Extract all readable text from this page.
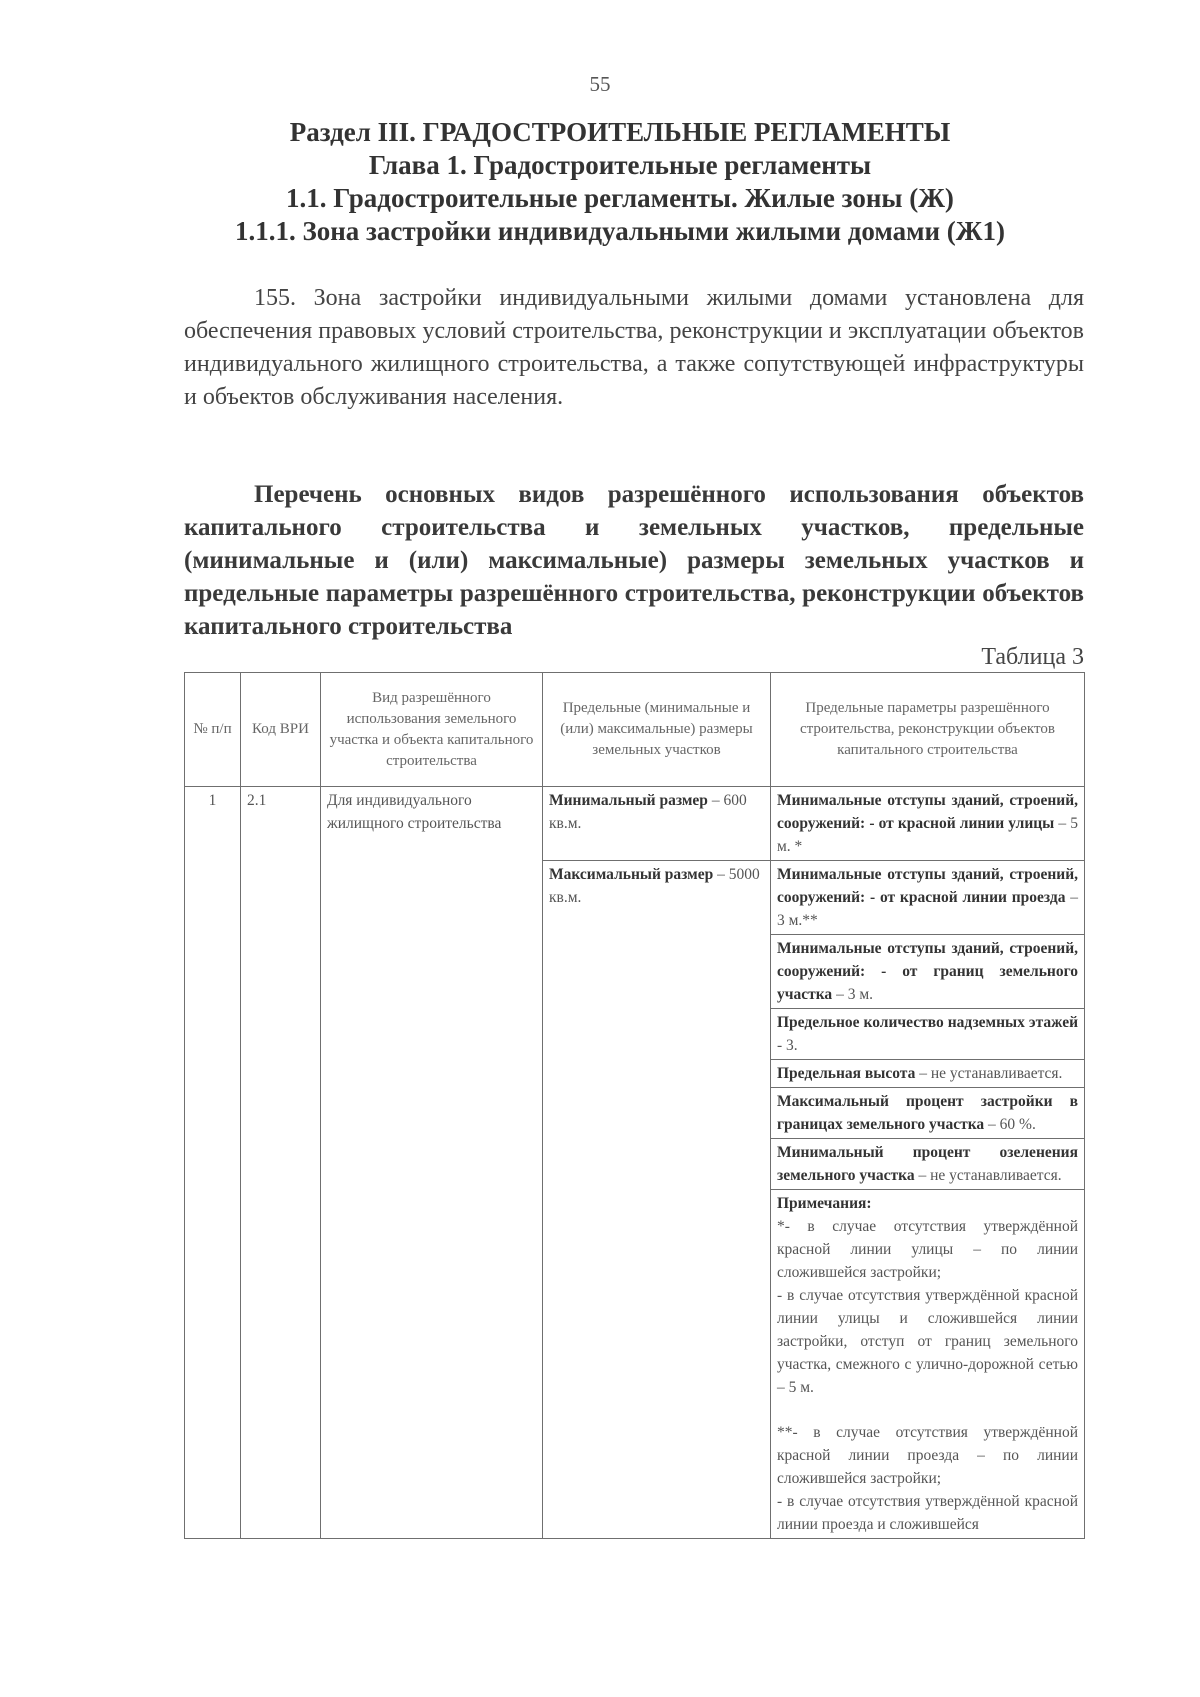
55
Раздел III. ГРАДОСТРОИТЕЛЬНЫЕ РЕГЛАМЕНТЫ
Глава 1. Градостроительные регламенты
1.1. Градостроительные регламенты. Жилые зоны (Ж)
1.1.1. Зона застройки индивидуальными жилыми домами (Ж1)
155. Зона застройки индивидуальными жилыми домами установлена для обеспечения правовых условий строительства, реконструкции и эксплуатации объектов индивидуального жилищного строительства, а также сопутствующей инфраструктуры и объектов обслуживания населения.
Перечень основных видов разрешённого использования объектов капитального строительства и земельных участков, предельные (минимальные и (или) максимальные) размеры земельных участков и предельные параметры разрешённого строительства, реконструкции объектов капитального строительства
Таблица 3
№ п/п	Код ВРИ	Вид разрешённого использования земельного участка и объекта капитального строительства	Предельные (минимальные и (или) максимальные) размеры земельных участков	Предельные параметры разрешённого строительства, реконструкции объектов капитального строительства
1	2.1	Для индивидуального жилищного строительства	Минимальный размер – 600 кв.м.	Минимальные отступы зданий, строений, сооружений: - от красной линии улицы – 5 м. *

			Максимальный размер – 5000 кв.м.	Минимальные отступы зданий, строений, сооружений: - от красной линии проезда – 3 м.**

				Минимальные отступы зданий, строений, сооружений: - от границ земельного участка – 3 м.

				Предельное количество надземных этажей - 3.

				Предельная высота – не устанавливается.

				Максимальный процент застройки в границах земельного участка – 60 %.

				Минимальный процент озеленения земельного участка – не устанавливается.

				Примечания:
*- в случае отсутствия утверждённой красной линии улицы – по линии сложившейся застройки;
- в случае отсутствия утверждённой красной линии улицы и сложившейся линии застройки, отступ от границ земельного участка, смежного с улично-дорожной сетью – 5 м.
**- в случае отсутствия утверждённой красной линии проезда – по линии сложившейся застройки;
- в случае отсутствия утверждённой красной линии проезда и сложившейся
